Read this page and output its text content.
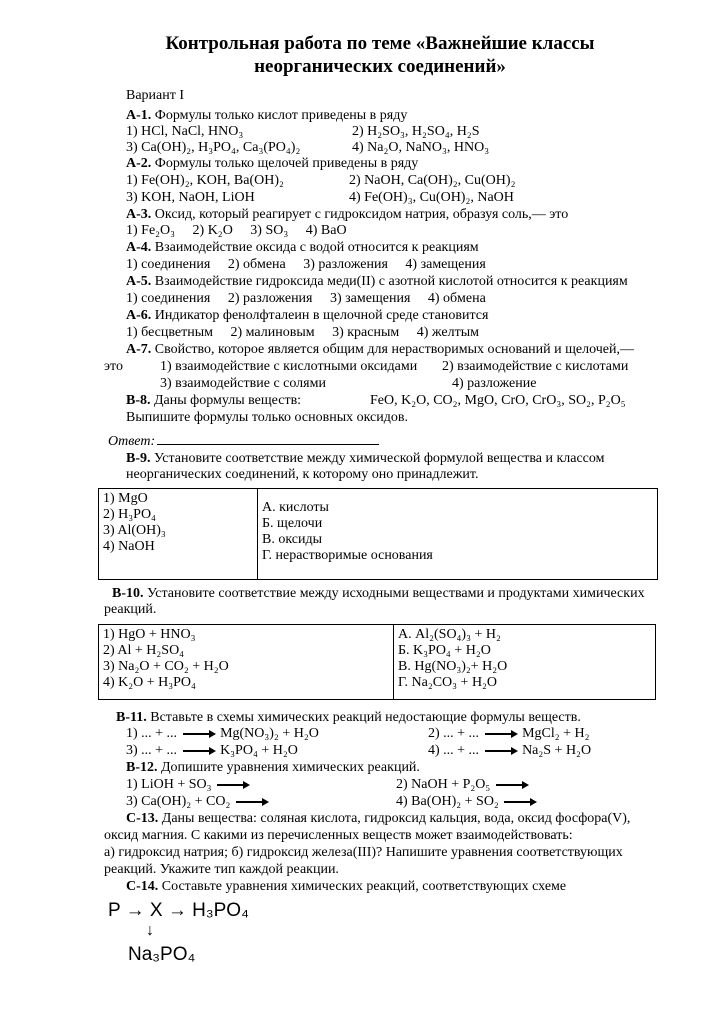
Контрольная работа по теме «Важнейшие классы
неорганических соединений»
Вариант I
А-1. Формулы только кислот приведены в ряду
1) HCl, NaCl, HNO₃	2) H₂SO₃, H₂SO₄, H₂S
3) Ca(OH)₂, H₃PO₄, Ca₃(PO₄)₂	4) Na₂O, NaNO₃, HNO₃
А-2. Формулы только щелочей приведены в ряду
1) Fe(OH)₂, KOH, Ba(OH)₂	2) NaOH, Ca(OH)₂, Cu(OH)₂
3) KOH, NaOH, LiOH	4) Fe(OH)₃, Cu(OH)₂, NaOH
А-3. Оксид, который реагирует с гидроксидом натрия, образуя соль,— это
1) Fe₂O₃     2) K₂O     3) SO₃     4) BaO
А-4. Взаимодействие оксида с водой относится к реакциям
1) соединения     2) обмена     3) разложения     4) замещения
А-5. Взаимодействие гидроксида меди(II) с азотной кислотой относится к реакциям
1) соединения     2) разложения     3) замещения     4) обмена
А-6. Индикатор фенолфталеин в щелочной среде становится
1) бесцветным     2) малиновым     3) красным     4) желтым
А-7. Свойство, которое является общим для нерастворимых оснований и щелочей,—
это	1) взаимодействие с кислотными оксидами 2) взаимодействие с кислотами
3) взаимодействие с солями	4) разложение
В-8. Даны формулы веществ:	FeO, K₂O, CO₂, MgO, CrO, CrO₃, SO₂, P₂O₅
Выпишите формулы только основных оксидов.
Ответ:
В-9. Установите соответствие между химической формулой вещества и классом
неорганических соединений, к которому оно принадлежит.
1) MgO
2) H₃PO₄
3) Al(OH)₃
4) NaOH

А. кислоты
Б. щелочи
В. оксиды
Г. нерастворимые основания
В-10. Установите соответствие между исходными веществами и продуктами химических
реакций.
1) HgO + HNO₃
2) Al + H₂SO₄
3) Na₂O + CO₂ + H₂O
4) K₂O + H₃PO₄

А. Al₂(SO₄)₃ + H₂
Б. K₃PO₄ + H₂O
В. Hg(NO₃)₂+ H₂O
Г. Na₂CO₃ + H₂O
В-11. Вставьте в схемы химических реакций недостающие формулы веществ.
1) ... + ...	Mg(NO₃)₂ + H₂O	2) ... + ...	MgCl₂ + H₂
3) ... + ...	K₃PO₄ + H₂O	4) ... + ...	Na₂S + H₂O
В-12. Допишите уравнения химических реакций.
1) LiOH + SO₃	2) NaOH + P₂O₅
3) Ca(OH)₂ + CO₂	4) Ba(OH)₂ + SO₂
С-13. Даны вещества: соляная кислота, гидроксид кальция, вода, оксид фосфора(V),
оксид магния. С какими из перечисленных веществ может взаимодействовать:
а) гидроксид натрия; б) гидроксид железа(III)? Напишите уравнения соответствующих
реакций. Укажите тип каждой реакции.
С-14. Составьте уравнения химических реакций, соответствующих схеме
P → X → H₃PO₄
↓
Na₃PO₄
